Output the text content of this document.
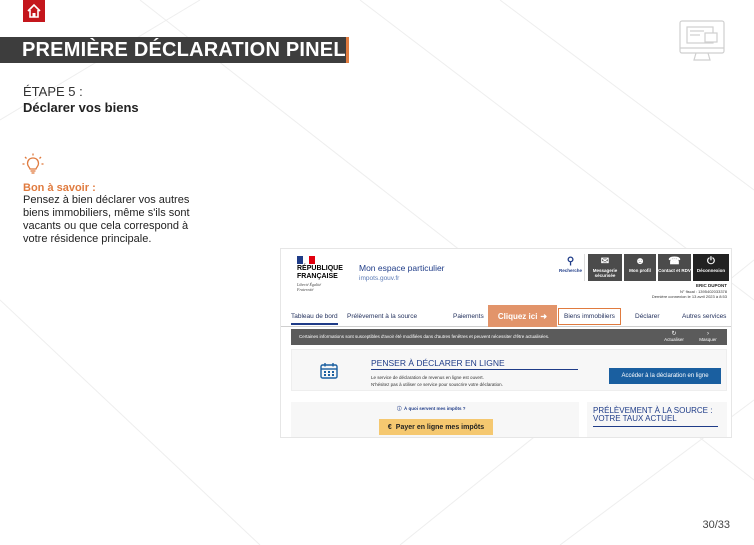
PREMIÈRE DÉCLARATION PINEL
ÉTAPE 5 :
Déclarer vos biens
Bon à savoir :
Pensez à bien déclarer vos autres biens immobiliers, même s'ils sont vacants ou que cela correspond à votre résidence principale.
RÉPUBLIQUE FRANÇAISE
Liberté Égalité Fraternité
Mon espace particulier
impots.gouv.fr
⚲
Recherche
✉
Messagerie sécurisée
☻
Mon profil
☎
Contact et RDV
⏻
Déconnexion
ERIC DUPONT
N° fiscal : 1395402033378
Dernière connexion le 13 avril 2023 à 8:53
Tableau de bord Prélèvement à la source	Paiements	Biens immobiliers	Déclarer	Autres services
Cliquez ici ➜
Certaines informations sont susceptibles d'avoir été modifiées dans d'autres fenêtres et peuvent nécessiter d'être actualisées.	↻
Actualiser
›
Masquer
PENSER À DÉCLARER EN LIGNE
Le service de déclaration de revenus en ligne est ouvert.
N'hésitez pas à utiliser ce service pour souscrire votre déclaration.
Accéder à la déclaration en ligne
ⓘ À quoi servent mes impôts ?
€ Payer en ligne mes impôts
PRÉLÈVEMENT À LA SOURCE : VOTRE TAUX ACTUEL
30/33
